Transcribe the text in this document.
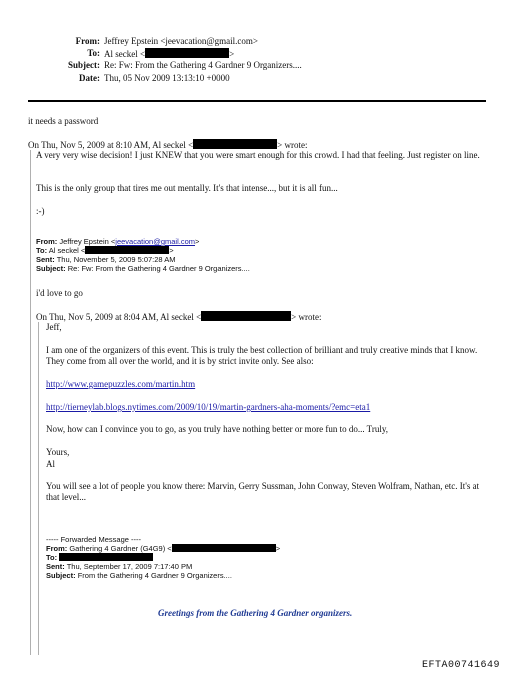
From: Jeffrey Epstein <jeevacation@gmail.com>
To: Al seckel <	>
Subject: Re: Fw: From the Gathering 4 Gardner 9 Organizers....
Date: Thu, 05 Nov 2009 13:13:10 +0000
it needs a password
On Thu, Nov 5, 2009 at 8:10 AM, Al seckel <	> wrote:
A very very wise decision! I just KNEW that you were smart enough for this crowd. I had that feeling. Just register on line.
This is the only group that tires me out mentally. It's that intense..., but it is all fun...
:-)
From: Jeffrey Epstein <jeevacation@gmail.com>
To: Al seckel <	>
Sent: Thu, November 5, 2009 5:07:28 AM
Subject: Re: Fw: From the Gathering 4 Gardner 9 Organizers....
i'd love to go
On Thu, Nov 5, 2009 at 8:04 AM, Al seckel <	> wrote:
Jeff,
I am one of the organizers of this event. This is truly the best collection of brilliant and truly creative minds that I know. They come from all over the world, and it is by strict invite only. See also:
http://www.gamepuzzles.com/martin.htm
http://tierneylab.blogs.nytimes.com/2009/10/19/martin-gardners-aha-moments/?emc=eta1
Now, how can I convince you to go, as you truly have nothing better or more fun to do... Truly,
Yours,
Al
You will see a lot of people you know there: Marvin, Gerry Sussman, John Conway, Steven Wolfram, Nathan, etc. It's at that level...
----- Forwarded Message ----
From: Gathering 4 Gardner (G4G9) <	>
To:
Sent: Thu, September 17, 2009 7:17:40 PM
Subject: From the Gathering 4 Gardner 9 Organizers....
Greetings from the Gathering 4 Gardner organizers.
EFTA00741649
